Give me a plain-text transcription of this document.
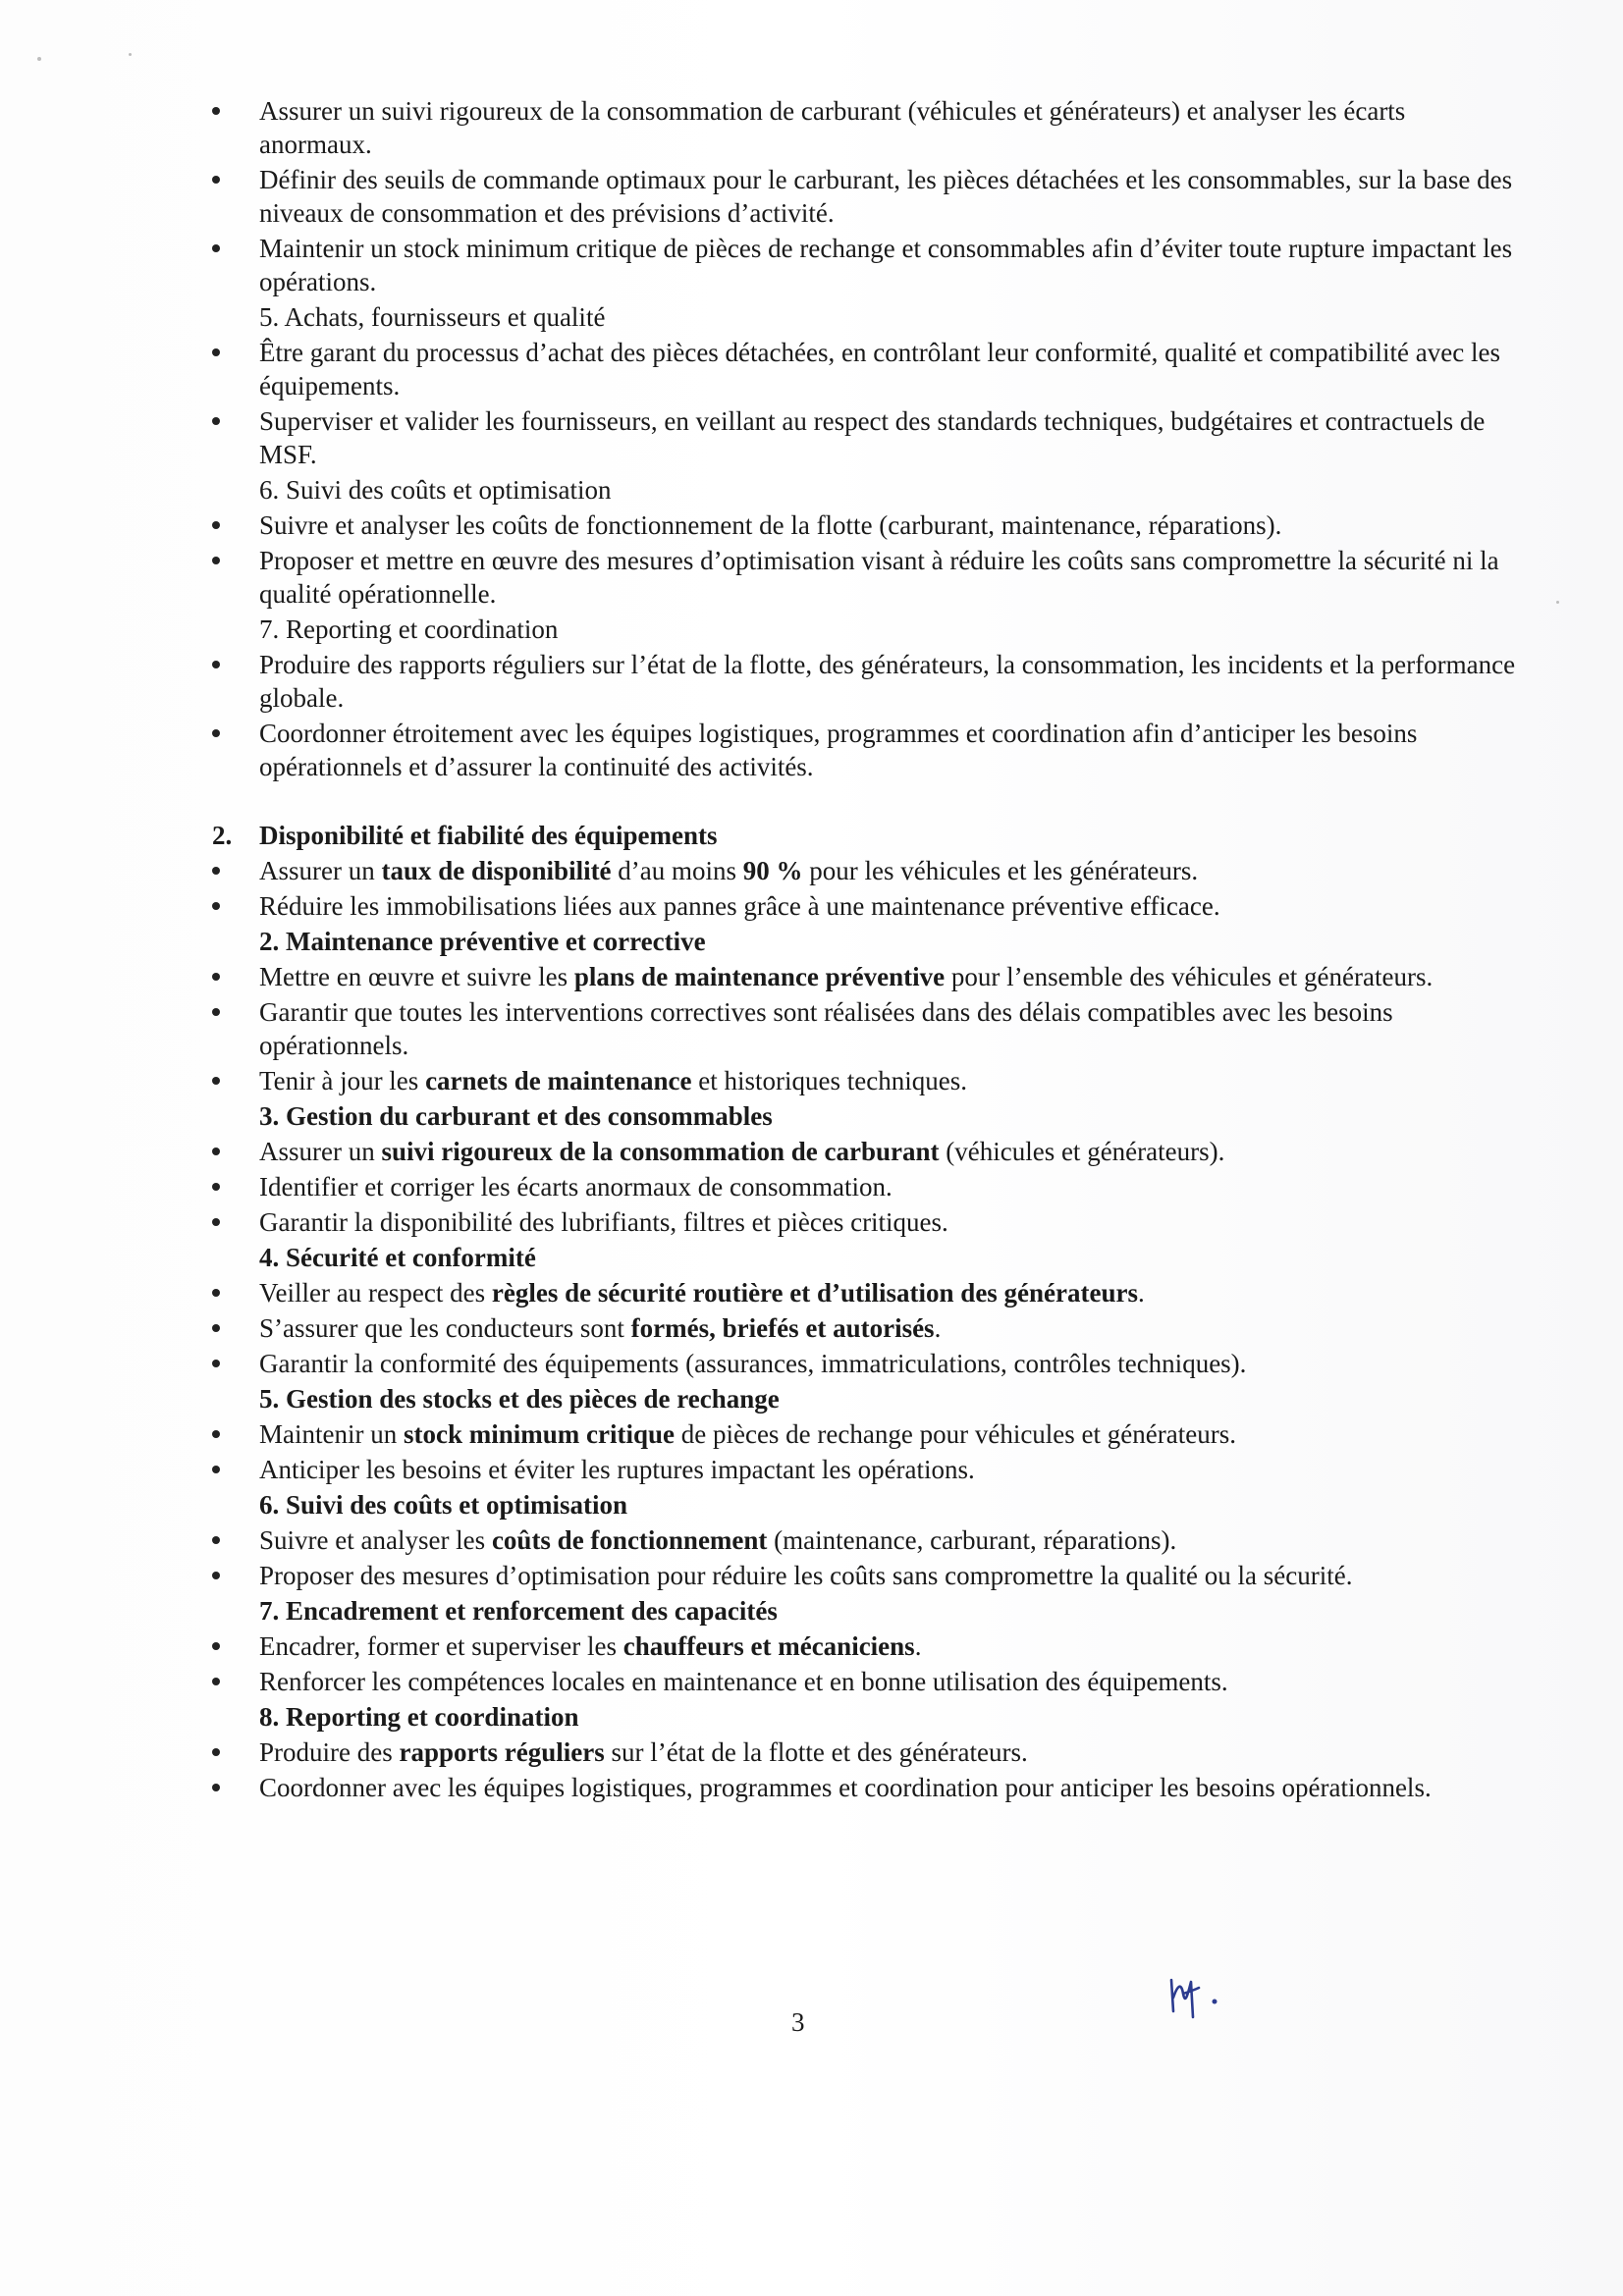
Assurer un suivi rigoureux de la consommation de carburant (véhicules et générateurs) et analyser les écarts anormaux.
Définir des seuils de commande optimaux pour le carburant, les pièces détachées et les consommables, sur la base des niveaux de consommation et des prévisions d’activité.
Maintenir un stock minimum critique de pièces de rechange et consommables afin d’éviter toute rupture impactant les opérations.
5. Achats, fournisseurs et qualité
Être garant du processus d’achat des pièces détachées, en contrôlant leur conformité, qualité et compatibilité avec les équipements.
Superviser et valider les fournisseurs, en veillant au respect des standards techniques, budgétaires et contractuels de MSF.
6. Suivi des coûts et optimisation
Suivre et analyser les coûts de fonctionnement de la flotte (carburant, maintenance, réparations).
Proposer et mettre en œuvre des mesures d’optimisation visant à réduire les coûts sans compromettre la sécurité ni la qualité opérationnelle.
7. Reporting et coordination
Produire des rapports réguliers sur l’état de la flotte, des générateurs, la consommation, les incidents et la performance globale.
Coordonner étroitement avec les équipes logistiques, programmes et coordination afin d’anticiper les besoins opérationnels et d’assurer la continuité des activités.
2. Disponibilité et fiabilité des équipements
Assurer un taux de disponibilité d’au moins 90 % pour les véhicules et les générateurs.
Réduire les immobilisations liées aux pannes grâce à une maintenance préventive efficace.
2. Maintenance préventive et corrective
Mettre en œuvre et suivre les plans de maintenance préventive pour l’ensemble des véhicules et générateurs.
Garantir que toutes les interventions correctives sont réalisées dans des délais compatibles avec les besoins opérationnels.
Tenir à jour les carnets de maintenance et historiques techniques.
3. Gestion du carburant et des consommables
Assurer un suivi rigoureux de la consommation de carburant (véhicules et générateurs).
Identifier et corriger les écarts anormaux de consommation.
Garantir la disponibilité des lubrifiants, filtres et pièces critiques.
4. Sécurité et conformité
Veiller au respect des règles de sécurité routière et d’utilisation des générateurs.
S’assurer que les conducteurs sont formés, briefés et autorisés.
Garantir la conformité des équipements (assurances, immatriculations, contrôles techniques).
5. Gestion des stocks et des pièces de rechange
Maintenir un stock minimum critique de pièces de rechange pour véhicules et générateurs.
Anticiper les besoins et éviter les ruptures impactant les opérations.
6. Suivi des coûts et optimisation
Suivre et analyser les coûts de fonctionnement (maintenance, carburant, réparations).
Proposer des mesures d’optimisation pour réduire les coûts sans compromettre la qualité ou la sécurité.
7. Encadrement et renforcement des capacités
Encadrer, former et superviser les chauffeurs et mécaniciens.
Renforcer les compétences locales en maintenance et en bonne utilisation des équipements.
8. Reporting et coordination
Produire des rapports réguliers sur l’état de la flotte et des générateurs.
Coordonner avec les équipes logistiques, programmes et coordination pour anticiper les besoins opérationnels.
3
